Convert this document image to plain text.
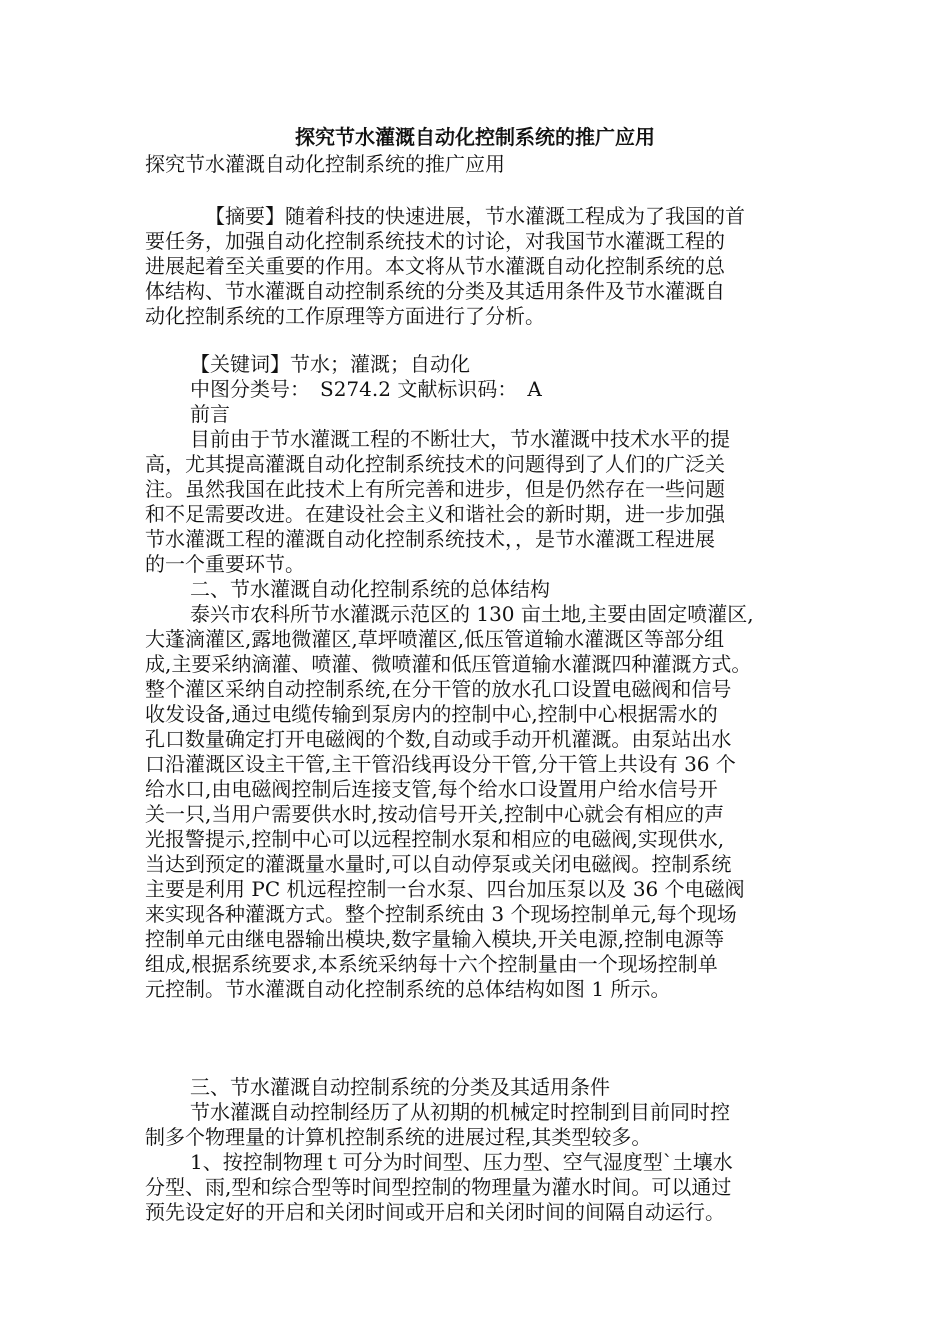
探究节水灌溉自动化控制系统的推广应用
探究节水灌溉自动化控制系统的推广应用
【摘要】随着科技的快速进展，节水灌溉工程成为了我国的首
要任务，加强自动化控制系统技术的讨论，对我国节水灌溉工程的
进展起着至关重要的作用。本文将从节水灌溉自动化控制系统的总
体结构、节水灌溉自动控制系统的分类及其适用条件及节水灌溉自
动化控制系统的工作原理等方面进行了分析。
【关键词】节水；灌溉；自动化
中图分类号：　S274.2 文献标识码：　A
前言
目前由于节水灌溉工程的不断壮大，节水灌溉中技术水平的提
高，尤其提高灌溉自动化控制系统技术的问题得到了人们的广泛关
注。虽然我国在此技术上有所完善和进步，但是仍然存在一些问题
和不足需要改进。在建设社会主义和谐社会的新时期，进一步加强
节水灌溉工程的灌溉自动化控制系统技术，，是节水灌溉工程进展
的一个重要环节。
二、节水灌溉自动化控制系统的总体结构
泰兴市农科所节水灌溉示范区的 130 亩土地,主要由固定喷灌区,
大蓬滴灌区,露地微灌区,草坪喷灌区,低压管道输水灌溉区等部分组
成,主要采纳滴灌、喷灌、微喷灌和低压管道输水灌溉四种灌溉方式。
整个灌区采纳自动控制系统,在分干管的放水孔口设置电磁阀和信号
收发设备,通过电缆传输到泵房内的控制中心,控制中心根据需水的
孔口数量确定打开电磁阀的个数,自动或手动开机灌溉。由泵站出水
口沿灌溉区设主干管,主干管沿线再设分干管,分干管上共设有 36 个
给水口,由电磁阀控制后连接支管,每个给水口设置用户给水信号开
关一只,当用户需要供水时,按动信号开关,控制中心就会有相应的声
光报警提示,控制中心可以远程控制水泵和相应的电磁阀,实现供水,
当达到预定的灌溉量水量时,可以自动停泵或关闭电磁阀。控制系统
主要是利用 PC 机远程控制一台水泵、四台加压泵以及 36 个电磁阀
来实现各种灌溉方式。整个控制系统由 3 个现场控制单元,每个现场
控制单元由继电器输出模块,数字量输入模块,开关电源,控制电源等
组成,根据系统要求,本系统采纳每十六个控制量由一个现场控制单
元控制。节水灌溉自动化控制系统的总体结构如图 1 所示。
三、节水灌溉自动控制系统的分类及其适用条件
节水灌溉自动控制经历了从初期的机械定时控制到目前同时控
制多个物理量的计算机控制系统的进展过程,其类型较多。
1、按控制物理ｔ可分为时间型、压力型、空气湿度型`土壤水
分型、雨,型和综合型等时间型控制的物理量为灌水时间。可以通过
预先设定好的开启和关闭时间或开启和关闭时间的间隔自动运行。
